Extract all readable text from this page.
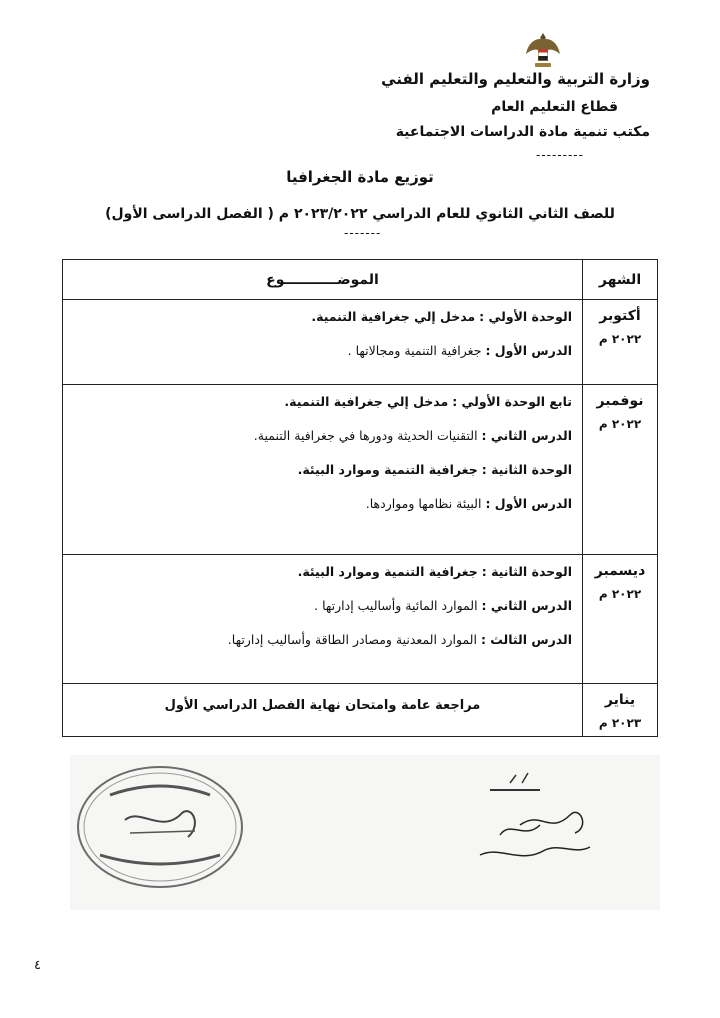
وزارة التربية والتعليم والتعليم الفني
قطاع التعليم العام
مكتب تنمية مادة الدراسات الاجتماعية
---------
توزيع مادة الجغرافيا
للصف الثاني الثانوي للعام الدراسي ٢٠٢٣/٢٠٢٢ م ( الفصل الدراسى الأول)
-------
الشهر	الموضـــــــــــوع

أكتوبر
٢٠٢٢ م	الوحدة الأولي : مدخل إلي جغرافية التنمية.
الدرس الأول : جغرافية التنمية ومجالاتها .

نوفمبر
٢٠٢٢ م	تابع الوحدة الأولي : مدخل إلي جغرافية التنمية.
الدرس الثاني : التقنيات الحديثة ودورها في جغرافية التنمية.
الوحدة الثانية : جغرافية التنمية وموارد البيئة.
الدرس الأول : البيئة نظامها ومواردها.

ديسمبر
٢٠٢٢ م	الوحدة الثانية : جغرافية التنمية وموارد البيئة.
الدرس الثاني : الموارد المائية وأساليب إدارتها .
الدرس الثالث : الموارد المعدنية ومصادر الطاقة وأساليب إدارتها.

يناير
٢٠٢٣ م	مراجعة عامة وامتحان نهاية الفصل الدراسي الأول
٤
